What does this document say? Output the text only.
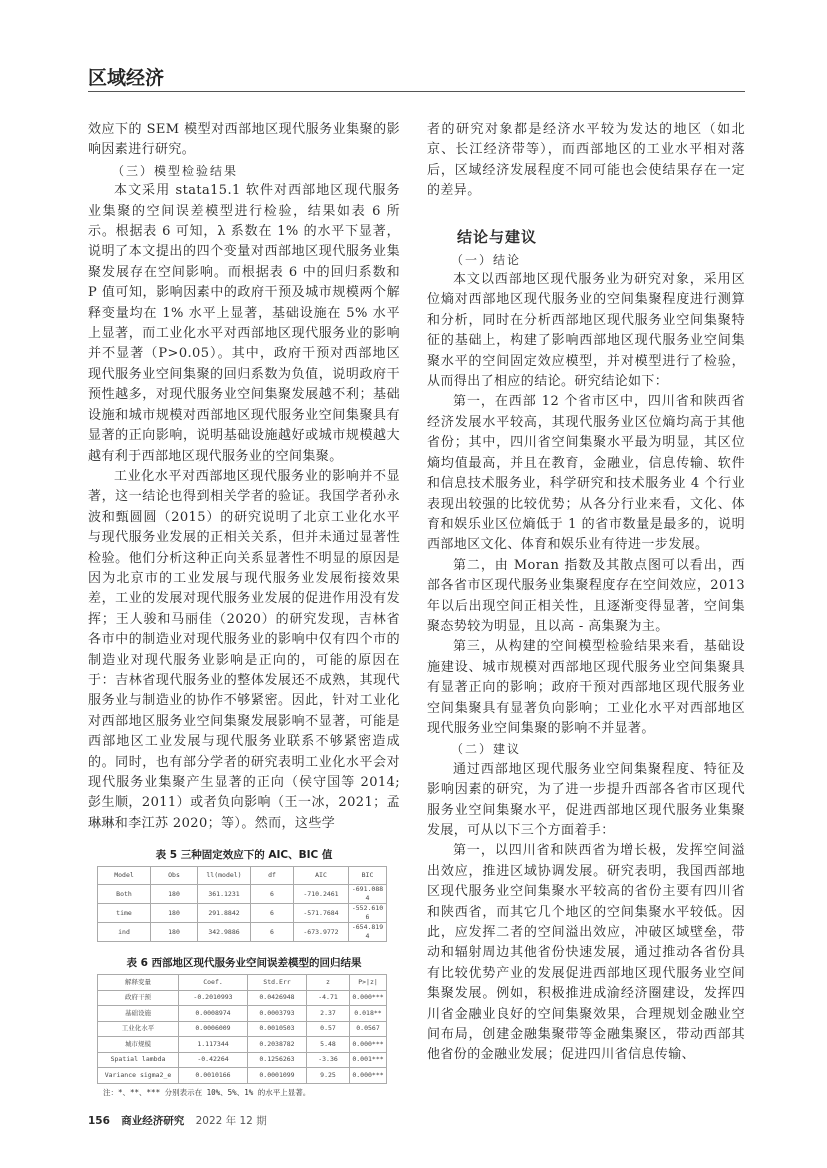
区域经济

效应下的 SEM 模型对西部地区现代服务业集聚的影响因素进行研究。

（三）模型检验结果

本文采用 stata15.1 软件对西部地区现代服务业集聚的空间误差模型进行检验，结果如表 6 所示。根据表 6 可知，λ 系数在 1% 的水平下显著，说明了本文提出的四个变量对西部地区现代服务业集聚发展存在空间影响。而根据表 6 中的回归系数和 P 值可知，影响因素中的政府干预及城市规模两个解释变量均在 1% 水平上显著，基础设施在 5% 水平上显著，而工业化水平对西部地区现代服务业的影响并不显著（P>0.05）。其中，政府干预对西部地区现代服务业空间集聚的回归系数为负值，说明政府干预性越多，对现代服务业空间集聚发展越不利；基础设施和城市规模对西部地区现代服务业空间集聚具有显著的正向影响，说明基础设施越好或城市规模越大越有利于西部地区现代服务业的空间集聚。

工业化水平对西部地区现代服务业的影响并不显著，这一结论也得到相关学者的验证。我国学者孙永波和甄圆圆（2015）的研究说明了北京工业化水平与现代服务业发展的正相关关系，但并未通过显著性检验。他们分析这种正向关系显著性不明显的原因是因为北京市的工业发展与现代服务业发展衔接效果差，工业的发展对现代服务业发展的促进作用没有发挥；王人骏和马丽佳（2020）的研究发现，吉林省各市中的制造业对现代服务业的影响中仅有四个市的制造业对现代服务业影响是正向的，可能的原因在于：吉林省现代服务业的整体发展还不成熟，其现代服务业与制造业的协作不够紧密。因此，针对工业化对西部地区服务业空间集聚发展影响不显著，可能是西部地区工业发展与现代服务业联系不够紧密造成的。同时，也有部分学者的研究表明工业化水平会对现代服务业集聚产生显著的正向（侯守国等 2014; 彭生顺，2011）或者负向影响（王一冰，2021；孟琳琳和李江苏 2020；等）。然而，这些学

表 5 三种固定效应下的 AIC、BIC 值
Model	Obs	ll(model)	df	AIC	BIC
Both	180	361.1231	6	-710.2461	-691.0884
time	180	291.8842	6	-571.7684	-552.6106
ind	180	342.9886	6	-673.9772	-654.8194
表 6 西部地区现代服务业空间误差模型的回归结果
解释变量	Coef.	Std.Err	z	P>|z|
政府干预	-0.2010993	0.0426948	-4.71	0.000***
基础设施	0.0008974	0.0003793	2.37	0.018**
工业化水平	0.0006009	0.0010503	0.57	0.0567
城市规模	1.117344	0.2038782	5.48	0.000***
Spatial lambda	-0.42264	0.1256263	-3.36	0.001***
Variance sigma2_e	0.0010166	0.0001099	9.25	0.000***
注：*、**、*** 分别表示在 10%、5%、1% 的水平上显著。

者的研究对象都是经济水平较为发达的地区（如北京、长江经济带等），而西部地区的工业水平相对落后，区域经济发展程度不同可能也会使结果存在一定的差异。

结论与建议
（一）结论

本文以西部地区现代服务业为研究对象，采用区位熵对西部地区现代服务业的空间集聚程度进行测算和分析，同时在分析西部地区现代服务业空间集聚特征的基础上，构建了影响西部地区现代服务业空间集聚水平的空间固定效应模型，并对模型进行了检验，从而得出了相应的结论。研究结论如下：

第一，在西部 12 个省市区中，四川省和陕西省经济发展水平较高，其现代服务业区位熵均高于其他省份；其中，四川省空间集聚水平最为明显，其区位熵均值最高，并且在教育，金融业，信息传输、软件和信息技术服务业，科学研究和技术服务业 4 个行业表现出较强的比较优势；从各分行业来看，文化、体育和娱乐业区位熵低于 1 的省市数量是最多的，说明西部地区文化、体育和娱乐业有待进一步发展。

第二，由 Moran 指数及其散点图可以看出，西部各省市区现代服务业集聚程度存在空间效应，2013 年以后出现空间正相关性，且逐渐变得显著，空间集聚态势较为明显，且以高 - 高集聚为主。

第三，从构建的空间模型检验结果来看，基础设施建设、城市规模对西部地区现代服务业空间集聚具有显著正向的影响；政府干预对西部地区现代服务业空间集聚具有显著负向影响；工业化水平对西部地区现代服务业空间集聚的影响不并显著。

（二）建议

通过西部地区现代服务业空间集聚程度、特征及影响因素的研究，为了进一步提升西部各省市区现代服务业空间集聚水平，促进西部地区现代服务业集聚发展，可从以下三个方面着手：

第一，以四川省和陕西省为增长极，发挥空间溢出效应，推进区域协调发展。研究表明，我国西部地区现代服务业空间集聚水平较高的省份主要有四川省和陕西省，而其它几个地区的空间集聚水平较低。因此，应发挥二者的空间溢出效应，冲破区域壁垒，带动和辐射周边其他省份快速发展，通过推动各省份具有比较优势产业的发展促进西部地区现代服务业空间集聚发展。例如，积极推进成渝经济圈建设，发挥四川省金融业良好的空间集聚效果，合理规划金融业空间布局，创建金融集聚带等金融集聚区，带动西部其他省份的金融业发展；促进四川省信息传输、

156 商业经济研究 2022 年 12 期
